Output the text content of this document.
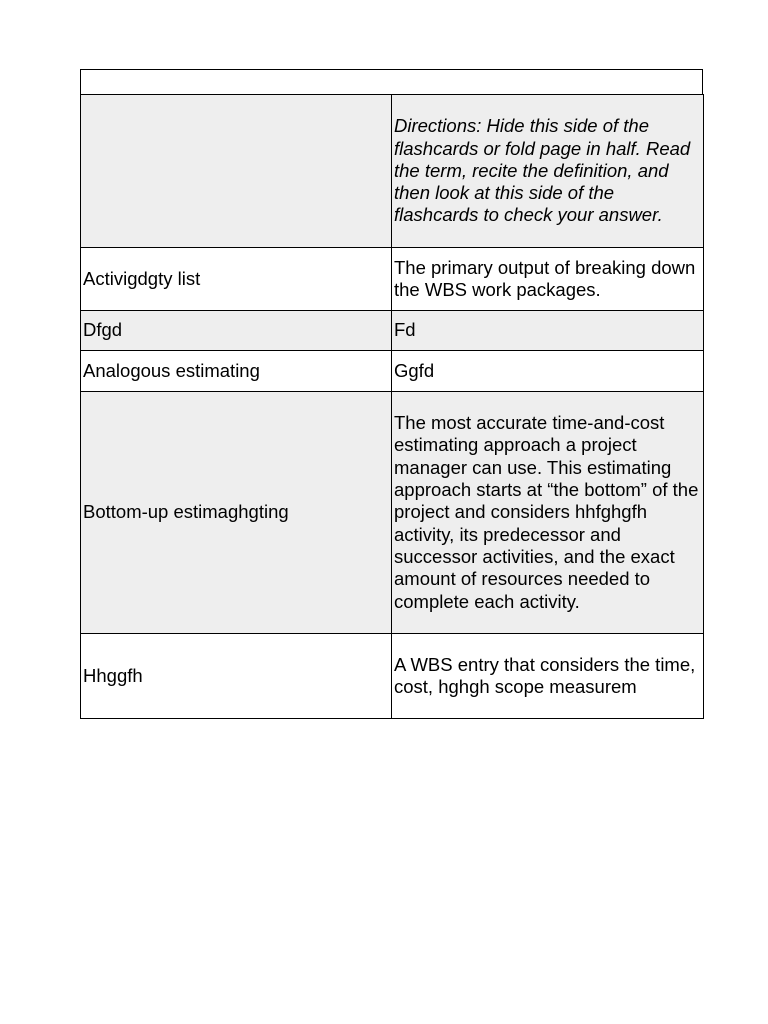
	Directions: Hide this side of the flashcards or fold page in half. Read the term, recite the definition, and then look at this side of the flashcards to check your answer.
Activigdgty list	The primary output of breaking down the WBS work packages.
Dfgd	Fd
Analogous estimating	Ggfd
Bottom-up estimaghgting	The most accurate time-and-cost estimating approach a project manager can use. This estimating approach starts at “the bottom” of the project and considers hhfghgfh activity, its predecessor and successor activities, and the exact amount of resources needed to complete each activity.
Hhggfh	A WBS entry that considers the time, cost, hghgh scope measurem
